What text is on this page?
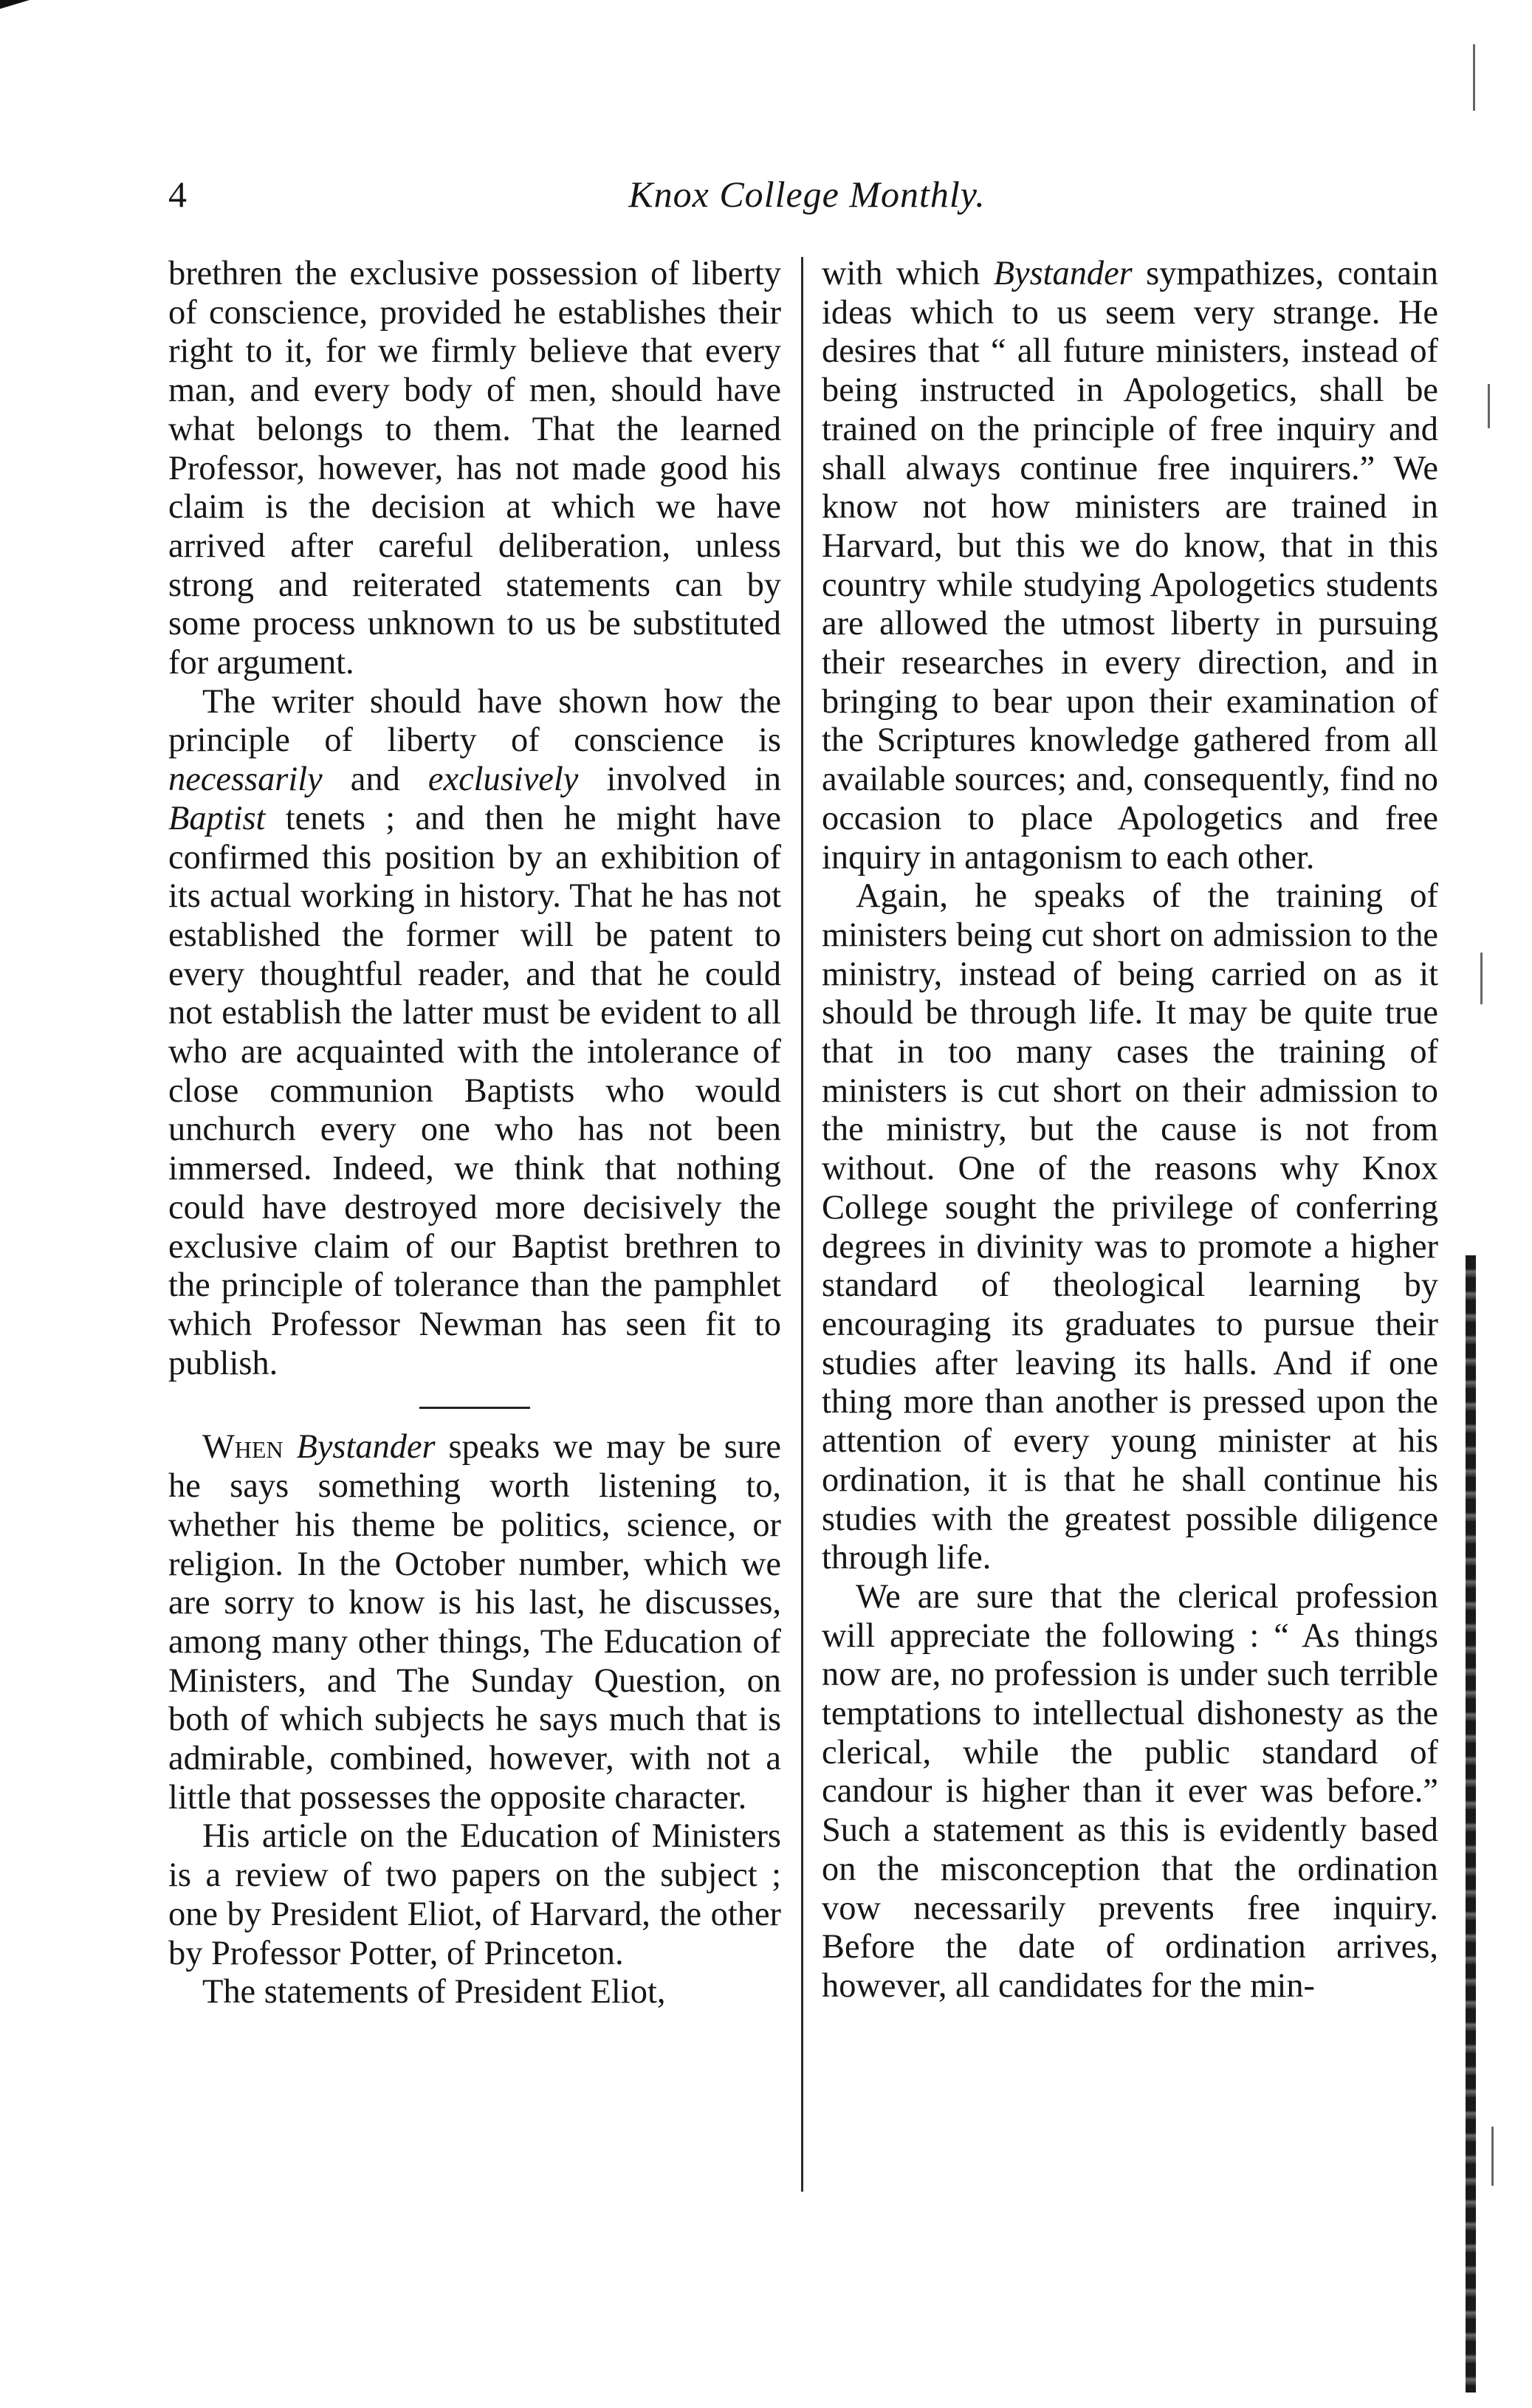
4	Knox College Monthly.

brethren the exclusive possession of liberty of conscience, provided he establishes their right to it, for we firmly believe that every man, and every body of men, should have what belongs to them. That the learned Professor, however, has not made good his claim is the decision at which we have arrived after careful deliberation, unless strong and reiterated statements can by some process unknown to us be substituted for argument.

The writer should have shown how the principle of liberty of conscience is necessarily and exclusively involved in Baptist tenets ; and then he might have confirmed this position by an exhibition of its actual working in history. That he has not established the former will be patent to every thoughtful reader, and that he could not establish the latter must be evident to all who are acquainted with the intolerance of close communion Baptists who would unchurch every one who has not been immersed. Indeed, we think that nothing could have destroyed more decisively the exclusive claim of our Baptist brethren to the principle of tolerance than the pamphlet which Professor Newman has seen fit to publish.

When Bystander speaks we may be sure he says something worth listening to, whether his theme be politics, science, or religion. In the October number, which we are sorry to know is his last, he discusses, among many other things, The Education of Ministers, and The Sunday Question, on both of which subjects he says much that is admirable, combined, however, with not a little that possesses the opposite character.

His article on the Education of Ministers is a review of two papers on the subject ; one by President Eliot, of Harvard, the other by Professor Potter, of Princeton.

The statements of President Eliot,

with which Bystander sympathizes, contain ideas which to us seem very strange. He desires that “ all future ministers, instead of being instructed in Apologetics, shall be trained on the principle of free inquiry and shall always continue free inquirers.” We know not how ministers are trained in Harvard, but this we do know, that in this country while studying Apologetics students are allowed the utmost liberty in pursuing their researches in every direction, and in bringing to bear upon their examination of the Scriptures knowledge gathered from all available sources; and, consequently, find no occasion to place Apologetics and free inquiry in antagonism to each other.

Again, he speaks of the training of ministers being cut short on admission to the ministry, instead of being carried on as it should be through life. It may be quite true that in too many cases the training of ministers is cut short on their admission to the ministry, but the cause is not from without. One of the reasons why Knox College sought the privilege of conferring degrees in divinity was to promote a higher standard of theological learning by encouraging its graduates to pursue their studies after leaving its halls. And if one thing more than another is pressed upon the attention of every young minister at his ordination, it is that he shall continue his studies with the greatest possible diligence through life.

We are sure that the clerical profession will appreciate the following : “ As things now are, no profession is under such terrible temptations to intellectual dishonesty as the clerical, while the public standard of candour is higher than it ever was before.” Such a statement as this is evidently based on the misconception that the ordination vow necessarily prevents free inquiry. Before the date of ordination arrives, however, all candidates for the min-
